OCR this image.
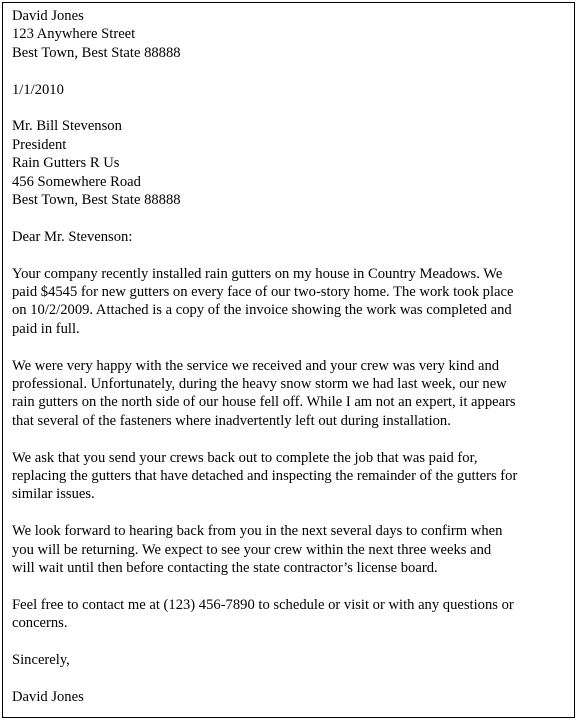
David Jones
123 Anywhere Street
Best Town, Best State 88888
1/1/2010
Mr. Bill Stevenson
President
Rain Gutters R Us
456 Somewhere Road
Best Town, Best State 88888
Dear Mr. Stevenson:
Your company recently installed rain gutters on my house in Country Meadows. We
paid $4545 for new gutters on every face of our two-story home. The work took place
on 10/2/2009. Attached is a copy of the invoice showing the work was completed and
paid in full.
We were very happy with the service we received and your crew was very kind and
professional. Unfortunately, during the heavy snow storm we had last week, our new
rain gutters on the north side of our house fell off. While I am not an expert, it appears
that several of the fasteners where inadvertently left out during installation.
We ask that you send your crews back out to complete the job that was paid for,
replacing the gutters that have detached and inspecting the remainder of the gutters for
similar issues.
We look forward to hearing back from you in the next several days to confirm when
you will be returning. We expect to see your crew within the next three weeks and
will wait until then before contacting the state contractor’s license board.
Feel free to contact me at (123) 456-7890 to schedule or visit or with any questions or
concerns.
Sincerely,
David Jones
